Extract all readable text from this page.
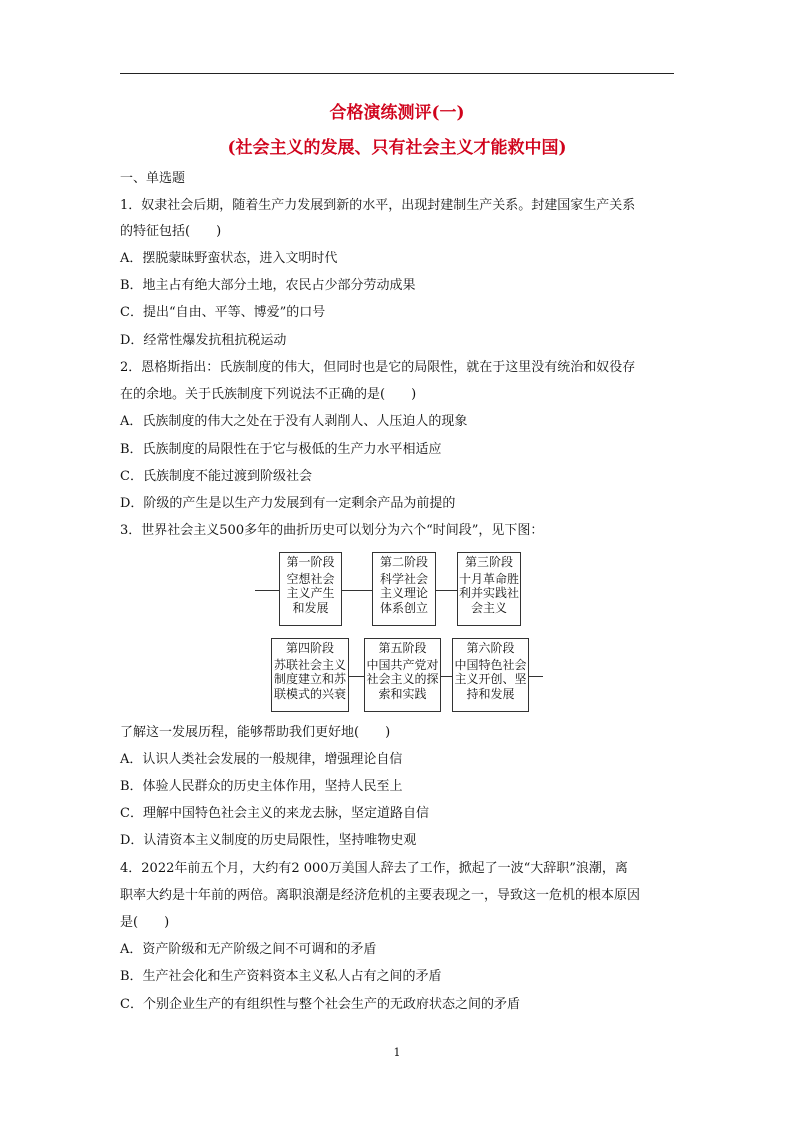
合格演练测评(一)
(社会主义的发展、只有社会主义才能救中国)
一、单选题
1．奴隶社会后期，随着生产力发展到新的水平，出现封建制生产关系。封建国家生产关系
的特征包括(　　)
A．摆脱蒙昧野蛮状态，进入文明时代
B．地主占有绝大部分土地，农民占少部分劳动成果
C．提出“自由、平等、博爱”的口号
D．经常性爆发抗租抗税运动
2．恩格斯指出：氏族制度的伟大，但同时也是它的局限性，就在于这里没有统治和奴役存
在的余地。关于氏族制度下列说法不正确的是(　　)
A．氏族制度的伟大之处在于没有人剥削人、人压迫人的现象
B．氏族制度的局限性在于它与极低的生产力水平相适应
C．氏族制度不能过渡到阶级社会
D．阶级的产生是以生产力发展到有一定剩余产品为前提的
3．世界社会主义500多年的曲折历史可以划分为六个“时间段”，见下图：
第一阶段
空想社会
主义产生
和发展
第二阶段
科学社会
主义理论
体系创立
第三阶段
十月革命胜
利并实践社
会主义
第四阶段
苏联社会主义
制度建立和苏
联模式的兴衰
第五阶段
中国共产党对
社会主义的探
索和实践
第六阶段
中国特色社会
主义开创、坚
持和发展
了解这一发展历程，能够帮助我们更好地(　　)
A．认识人类社会发展的一般规律，增强理论自信
B．体验人民群众的历史主体作用，坚持人民至上
C．理解中国特色社会主义的来龙去脉，坚定道路自信
D．认清资本主义制度的历史局限性，坚持唯物史观
4．2022年前五个月，大约有2 000万美国人辞去了工作，掀起了一波“大辞职”浪潮，离
职率大约是十年前的两倍。离职浪潮是经济危机的主要表现之一，导致这一危机的根本原因
是(　　)
A．资产阶级和无产阶级之间不可调和的矛盾
B．生产社会化和生产资料资本主义私人占有之间的矛盾
C．个别企业生产的有组织性与整个社会生产的无政府状态之间的矛盾
1
